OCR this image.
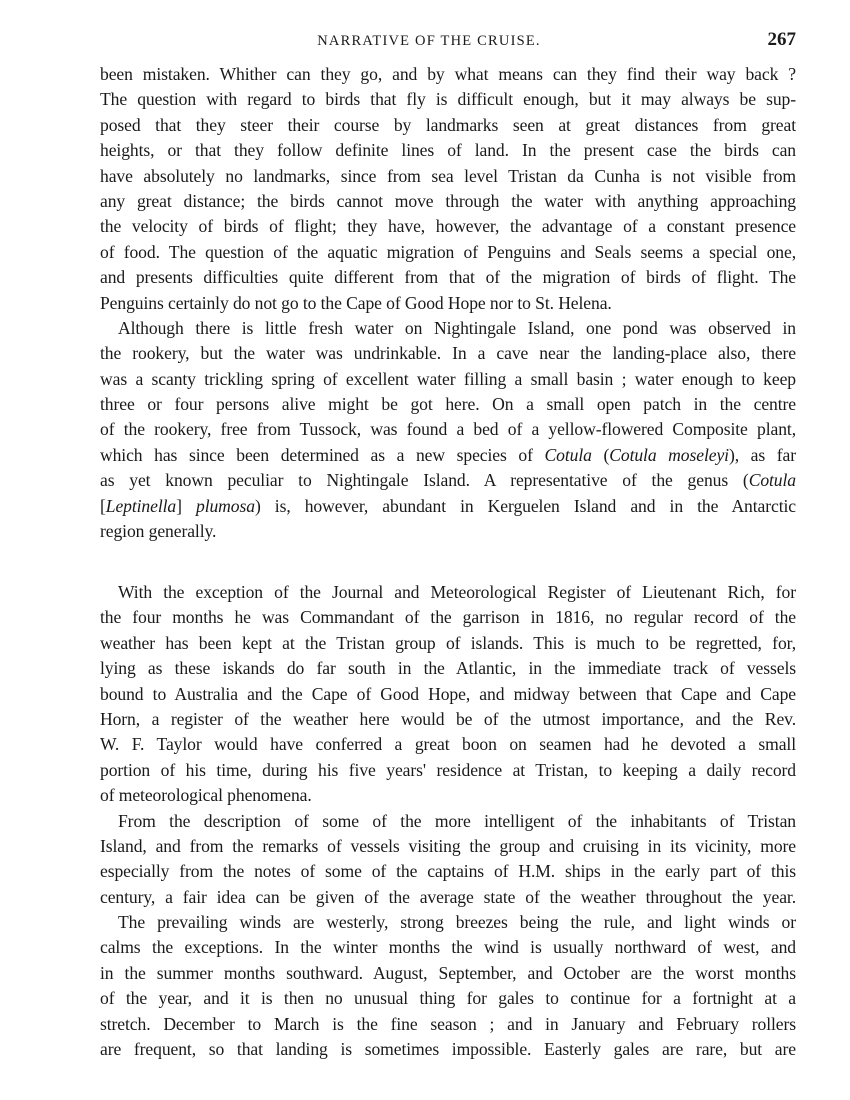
NARRATIVE OF THE CRUISE.	267
been mistaken. Whither can they go, and by what means can they find their way back ?
The question with regard to birds that fly is difficult enough, but it may always be sup-
posed that they steer their course by landmarks seen at great distances from great
heights, or that they follow definite lines of land. In the present case the birds can
have absolutely no landmarks, since from sea level Tristan da Cunha is not visible from
any great distance; the birds cannot move through the water with anything approaching
the velocity of birds of flight; they have, however, the advantage of a constant presence
of food. The question of the aquatic migration of Penguins and Seals seems a special one,
and presents difficulties quite different from that of the migration of birds of flight. The
Penguins certainly do not go to the Cape of Good Hope nor to St. Helena.
Although there is little fresh water on Nightingale Island, one pond was observed in
the rookery, but the water was undrinkable. In a cave near the landing-place also, there
was a scanty trickling spring of excellent water filling a small basin ; water enough to keep
three or four persons alive might be got here. On a small open patch in the centre
of the rookery, free from Tussock, was found a bed of a yellow-flowered Composite plant,
which has since been determined as a new species of Cotula (Cotula moseleyi), as far
as yet known peculiar to Nightingale Island. A representative of the genus (Cotula
[Leptinella] plumosa) is, however, abundant in Kerguelen Island and in the Antarctic
region generally.
With the exception of the Journal and Meteorological Register of Lieutenant Rich, for
the four months he was Commandant of the garrison in 1816, no regular record of the
weather has been kept at the Tristan group of islands. This is much to be regretted, for,
lying as these iskands do far south in the Atlantic, in the immediate track of vessels
bound to Australia and the Cape of Good Hope, and midway between that Cape and Cape
Horn, a register of the weather here would be of the utmost importance, and the Rev.
W. F. Taylor would have conferred a great boon on seamen had he devoted a small
portion of his time, during his five years' residence at Tristan, to keeping a daily record
of meteorological phenomena.
From the description of some of the more intelligent of the inhabitants of Tristan
Island, and from the remarks of vessels visiting the group and cruising in its vicinity, more
especially from the notes of some of the captains of H.M. ships in the early part of this
century, a fair idea can be given of the average state of the weather throughout the year.
The prevailing winds are westerly, strong breezes being the rule, and light winds or
calms the exceptions. In the winter months the wind is usually northward of west, and
in the summer months southward. August, September, and October are the worst months
of the year, and it is then no unusual thing for gales to continue for a fortnight at a
stretch. December to March is the fine season ; and in January and February rollers
are frequent, so that landing is sometimes impossible. Easterly gales are rare, but are
